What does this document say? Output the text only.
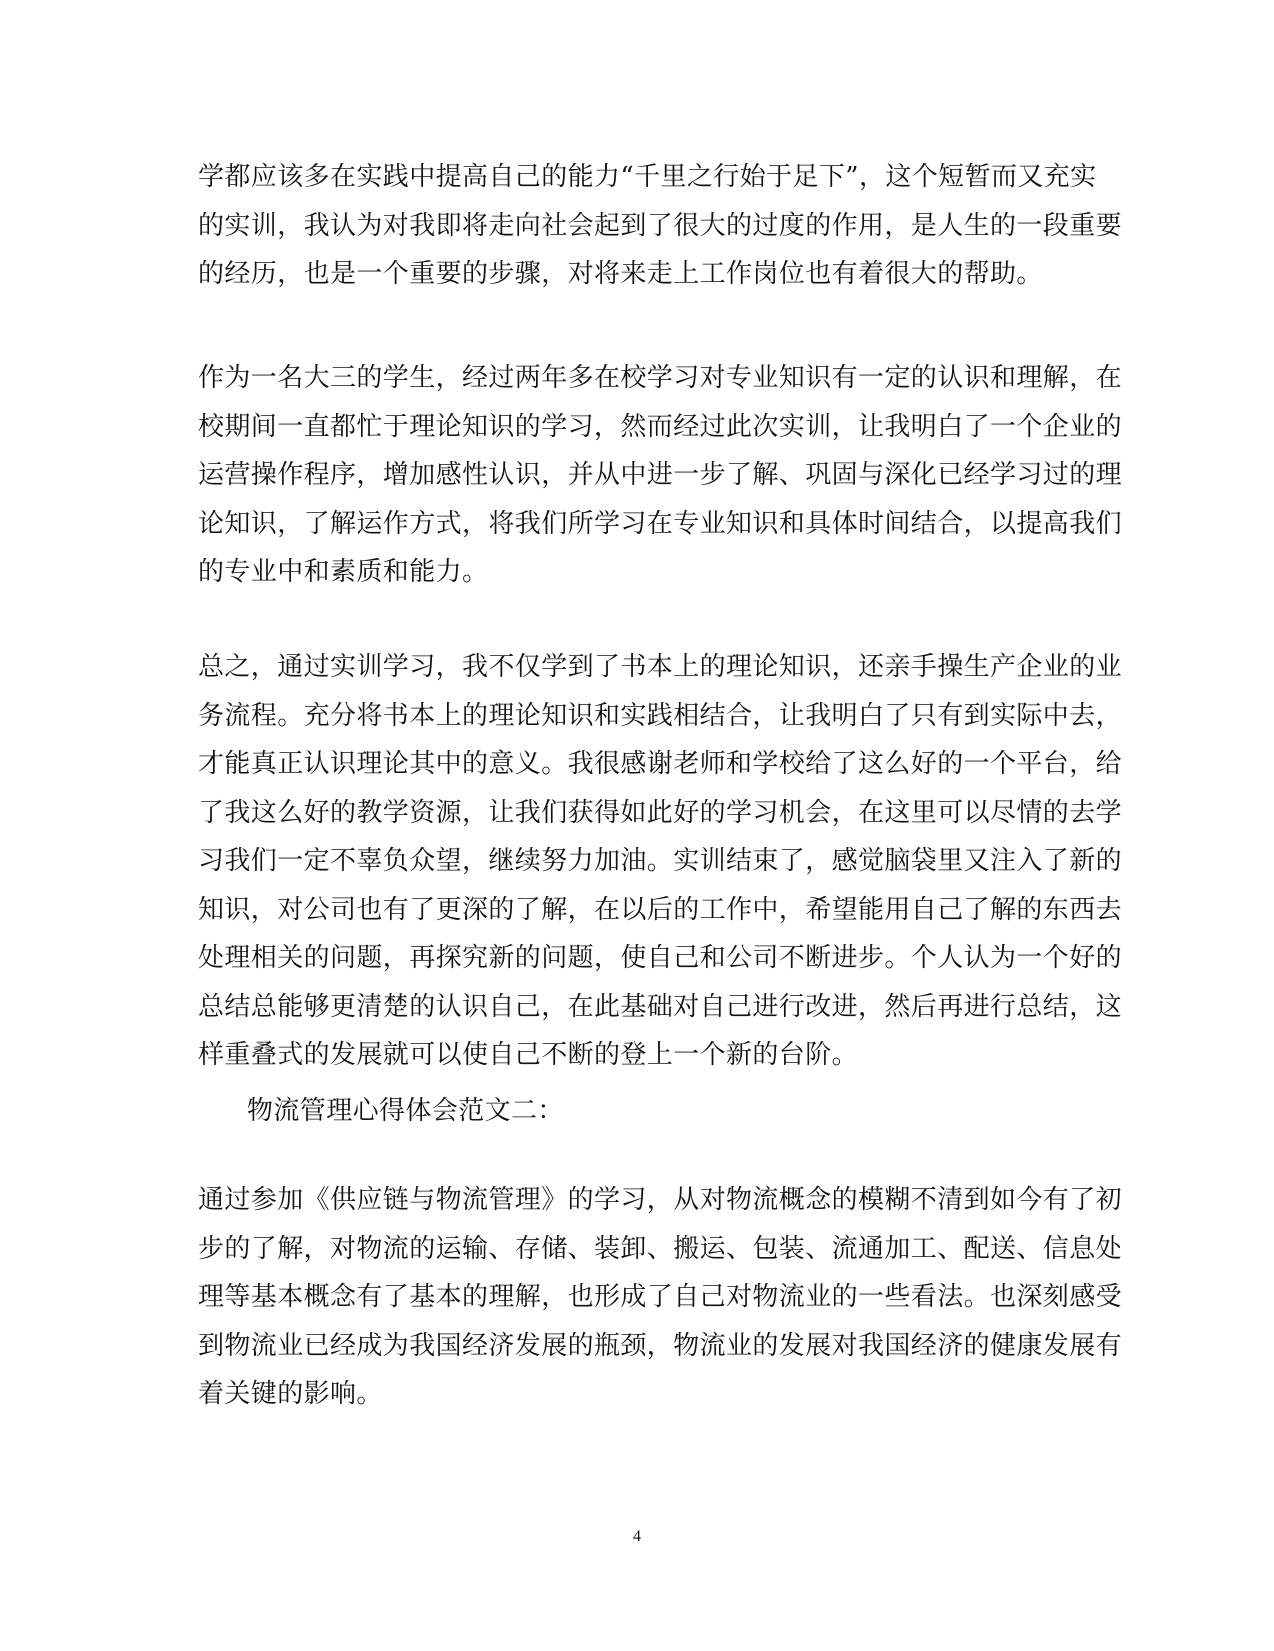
学都应该多在实践中提高自己的能力“千里之行始于足下”，这个短暂而又充实
的实训，我认为对我即将走向社会起到了很大的过度的作用，是人生的一段重要
的经历，也是一个重要的步骤，对将来走上工作岗位也有着很大的帮助。
作为一名大三的学生，经过两年多在校学习对专业知识有一定的认识和理解，在
校期间一直都忙于理论知识的学习，然而经过此次实训，让我明白了一个企业的
运营操作程序，增加感性认识，并从中进一步了解、巩固与深化已经学习过的理
论知识，了解运作方式，将我们所学习在专业知识和具体时间结合，以提高我们
的专业中和素质和能力。
总之，通过实训学习，我不仅学到了书本上的理论知识，还亲手操生产企业的业
务流程。充分将书本上的理论知识和实践相结合，让我明白了只有到实际中去，
才能真正认识理论其中的意义。我很感谢老师和学校给了这么好的一个平台，给
了我这么好的教学资源，让我们获得如此好的学习机会，在这里可以尽情的去学
习我们一定不辜负众望，继续努力加油。实训结束了，感觉脑袋里又注入了新的
知识，对公司也有了更深的了解，在以后的工作中，希望能用自己了解的东西去
处理相关的问题，再探究新的问题，使自己和公司不断进步。个人认为一个好的
总结总能够更清楚的认识自己，在此基础对自己进行改进，然后再进行总结，这
样重叠式的发展就可以使自己不断的登上一个新的台阶。
物流管理心得体会范文二：
通过参加《供应链与物流管理》的学习，从对物流概念的模糊不清到如今有了初
步的了解，对物流的运输、存储、装卸、搬运、包装、流通加工、配送、信息处
理等基本概念有了基本的理解，也形成了自己对物流业的一些看法。也深刻感受
到物流业已经成为我国经济发展的瓶颈，物流业的发展对我国经济的健康发展有
着关键的影响。
4
